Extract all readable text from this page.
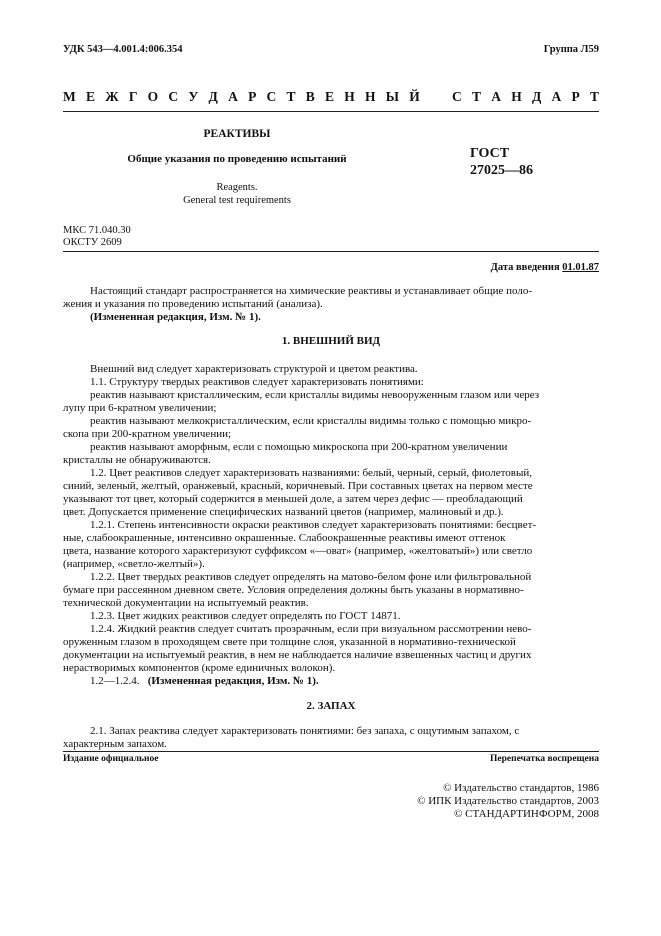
УДК 543—4.001.4:006.354	Группа Л59
М Е Ж Г О С У Д А Р С Т В Е Н Н Ы Й С Т А Н Д А Р Т
РЕАКТИВЫ
Общие указания по проведению испытаний
Reagents.
General test requirements
ГОСТ
27025—86
МКС 71.040.30
ОКСТУ 2609
Дата введения 01.01.87
Настоящий стандарт распространяется на химические реактивы и устанавливает общие поло-
жения и указания по проведению испытаний (анализа).
(Измененная редакция, Изм. № 1).
1. ВНЕШНИЙ ВИД
Внешний вид следует характеризовать структурой и цветом реактива.
1.1. Структуру твердых реактивов следует характеризовать понятиями:
реактив называют кристаллическим, если кристаллы видимы невооруженным глазом или через
лупу при 6-кратном увеличении;
реактив называют мелкокристаллическим, если кристаллы видимы только с помощью микро-
скопа при 200-кратном увеличении;
реактив называют аморфным, если с помощью микроскопа при 200-кратном увеличении
кристаллы не обнаруживаются.
1.2. Цвет реактивов следует характеризовать названиями: белый, черный, серый, фиолетовый,
синий, зеленый, желтый, оранжевый, красный, коричневый. При составных цветах на первом месте
указывают тот цвет, который содержится в меньшей доле, а затем через дефис — преобладающий
цвет. Допускается применение специфических названий цветов (например, малиновый и др.).
1.2.1. Степень интенсивности окраски реактивов следует характеризовать понятиями: бесцвет-
ные, слабоокрашенные, интенсивно окрашенные. Слабоокрашенные реактивы имеют оттенок
цвета, название которого характеризуют суффиксом «—оват» (например, «желтоватый») или светло
(например, «светло-желтый»).
1.2.2. Цвет твердых реактивов следует определять на матово-белом фоне или фильтровальной
бумаге при рассеянном дневном свете. Условия определения должны быть указаны в нормативно-
технической документации на испытуемый реактив.
1.2.3. Цвет жидких реактивов следует определять по ГОСТ 14871.
1.2.4. Жидкий реактив следует считать прозрачным, если при визуальном рассмотрении нево-
оруженным глазом в проходящем свете при толщине слоя, указанной в нормативно-технической
документации на испытуемый реактив, в нем не наблюдается наличие взвешенных частиц и других
нерастворимых компонентов (кроме единичных волокон).
1.2—1.2.4. (Измененная редакция, Изм. № 1).
2. ЗАПАХ
2.1. Запах реактива следует характеризовать понятиями: без запаха, с ощутимым запахом, с
характерным запахом.
Издание официальное	Перепечатка воспрещена
© Издательство стандартов, 1986
© ИПК Издательство стандартов, 2003
© СТАНДАРТИНФОРМ, 2008
